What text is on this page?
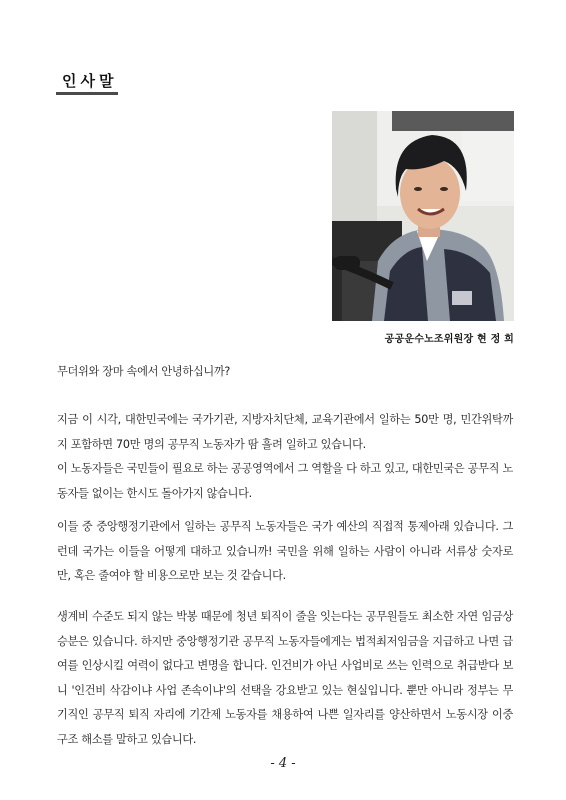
인사말
공공운수노조위원장 현 정 희

무더위와 장마 속에서 안녕하십니까?

지금 이 시각, 대한민국에는 국가기관, 지방자치단체, 교육기관에서 일하는 50만 명, 민간위탁까지 포함하면 70만 명의 공무직 노동자가 땀 흘려 일하고 있습니다.

이 노동자들은 국민들이 필요로 하는 공공영역에서 그 역할을 다 하고 있고, 대한민국은 공무직 노동자들 없이는 한시도 돌아가지 않습니다.

이들 중 중앙행정기관에서 일하는 공무직 노동자들은 국가 예산의 직접적 통제아래 있습니다. 그런데 국가는 이들을 어떻게 대하고 있습니까! 국민을 위해 일하는 사람이 아니라 서류상 숫자로만, 혹은 줄여야 할 비용으로만 보는 것 같습니다.

생계비 수준도 되지 않는 박봉 때문에 청년 퇴직이 줄을 잇는다는 공무원들도 최소한 자연 임금상승분은 있습니다. 하지만 중앙행정기관 공무직 노동자들에게는 법적최저임금을 지급하고 나면 급여를 인상시킬 여력이 없다고 변명을 합니다. 인건비가 아닌 사업비로 쓰는 인력으로 취급받다 보니 '인건비 삭감이냐 사업 존속이냐'의 선택을 강요받고 있는 현실입니다. 뿐만 아니라 정부는 무기직인 공무직 퇴직 자리에 기간제 노동자를 채용하여 나쁜 일자리를 양산하면서 노동시장 이중구조 해소를 말하고 있습니다.

- 4 -
